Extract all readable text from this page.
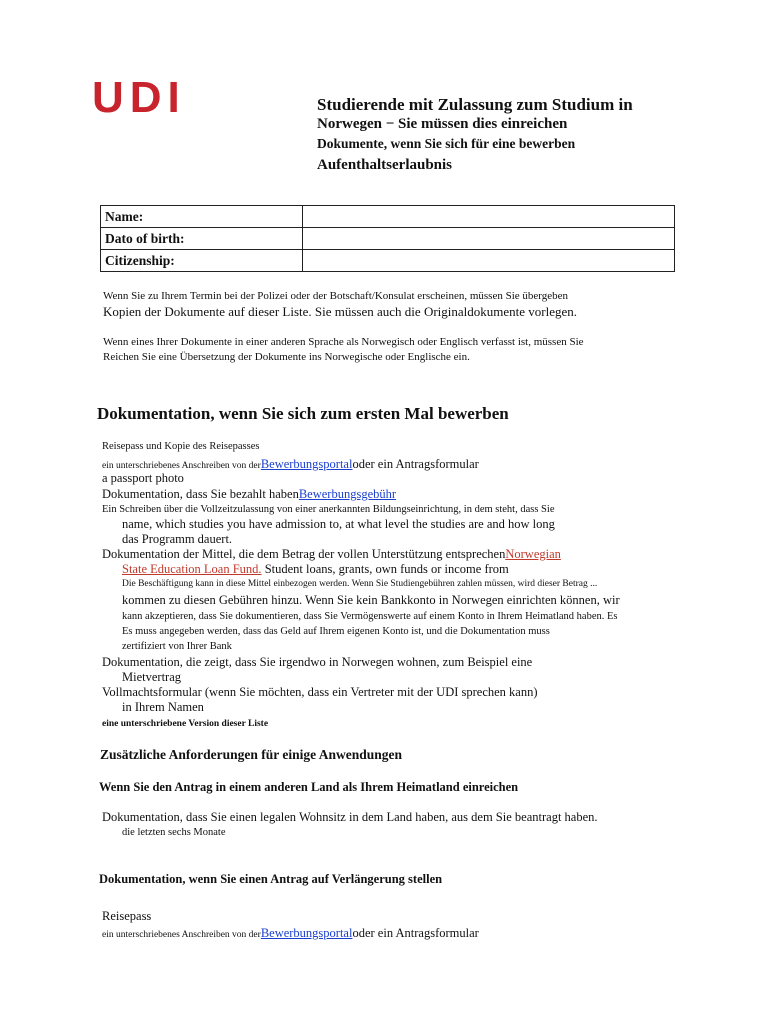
UDI	Studierende mit Zulassung zum Studium in
Norwegen − Sie müssen dies einreichen
Dokumente, wenn Sie sich für eine bewerben
Aufenthaltserlaubnis
Name:	
Dato of birth:	
Citizenship:	
Wenn Sie zu Ihrem Termin bei der Polizei oder der Botschaft/Konsulat erscheinen, müssen Sie übergeben
Kopien der Dokumente auf dieser Liste. Sie müssen auch die Originaldokumente vorlegen.
Wenn eines Ihrer Dokumente in einer anderen Sprache als Norwegisch oder Englisch verfasst ist, müssen Sie
Reichen Sie eine Übersetzung der Dokumente ins Norwegische oder Englische ein.
Dokumentation, wenn Sie sich zum ersten Mal bewerben
Reisepass und Kopie des Reisepasses
ein unterschriebenes Anschreiben von derBewerbungsportaloder ein Antragsformular
a passport photo
Dokumentation, dass Sie bezahlt habenBewerbungsgebühr
Ein Schreiben über die Vollzeitzulassung von einer anerkannten Bildungseinrichtung, in dem steht, dass Sie
name, which studies you have admission to, at what level the studies are and how long
das Programm dauert.
Dokumentation der Mittel, die dem Betrag der vollen Unterstützung entsprechenNorwegian
State Education Loan Fund. Student loans, grants, own funds or income from
Die Beschäftigung kann in diese Mittel einbezogen werden. Wenn Sie Studiengebühren zahlen müssen, wird dieser Betrag ...
kommen zu diesen Gebühren hinzu. Wenn Sie kein Bankkonto in Norwegen einrichten können, wir
kann akzeptieren, dass Sie dokumentieren, dass Sie Vermögenswerte auf einem Konto in Ihrem Heimatland haben. Es
Es muss angegeben werden, dass das Geld auf Ihrem eigenen Konto ist, und die Dokumentation muss
zertifiziert von Ihrer Bank
Dokumentation, die zeigt, dass Sie irgendwo in Norwegen wohnen, zum Beispiel eine
Mietvertrag
Vollmachtsformular (wenn Sie möchten, dass ein Vertreter mit der UDI sprechen kann)
in Ihrem Namen
eine unterschriebene Version dieser Liste
Zusätzliche Anforderungen für einige Anwendungen
Wenn Sie den Antrag in einem anderen Land als Ihrem Heimatland einreichen
Dokumentation, dass Sie einen legalen Wohnsitz in dem Land haben, aus dem Sie beantragt haben.
die letzten sechs Monate
Dokumentation, wenn Sie einen Antrag auf Verlängerung stellen
Reisepass
ein unterschriebenes Anschreiben von derBewerbungsportaloder ein Antragsformular
